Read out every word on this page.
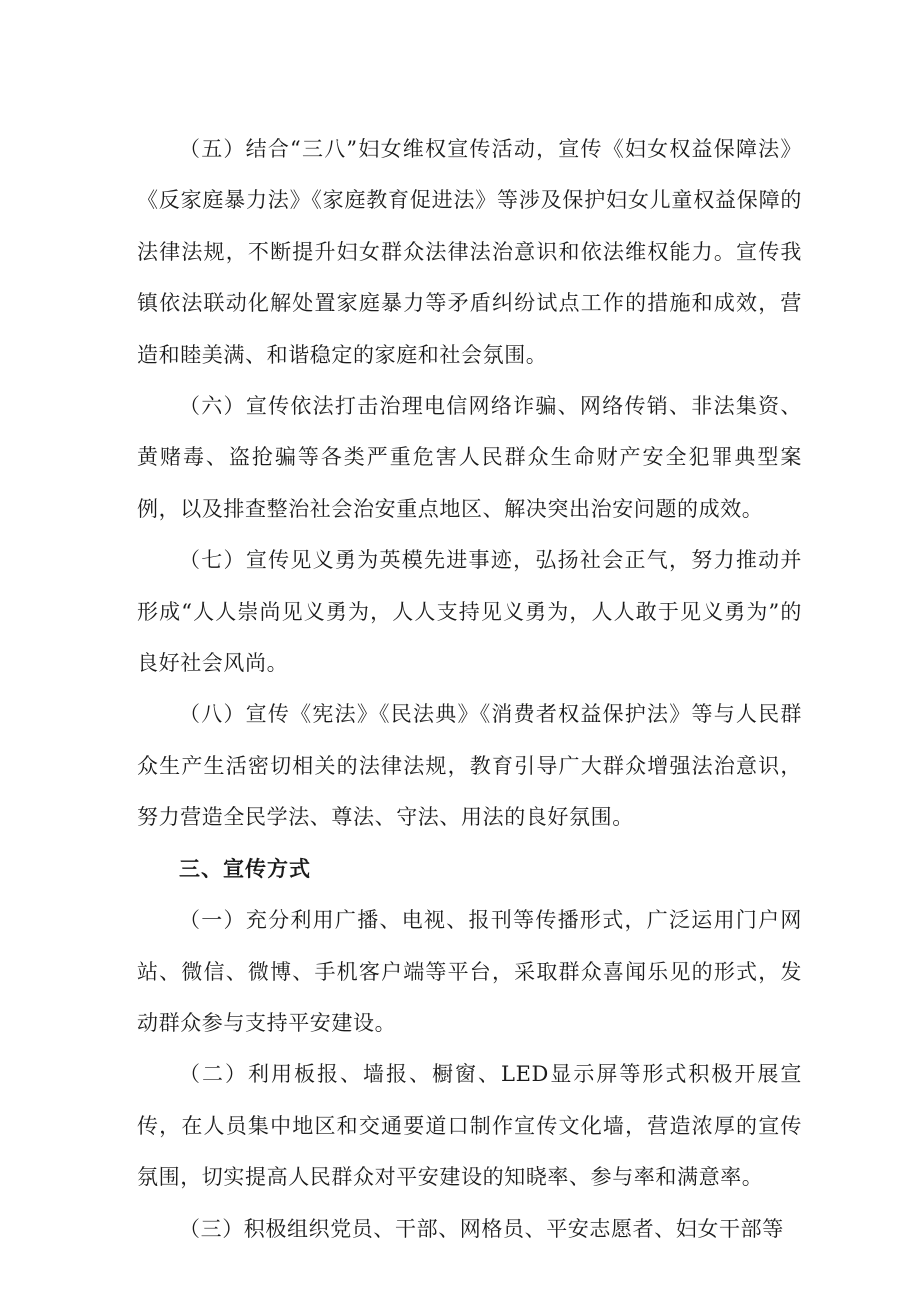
（五）结合“三八”妇女维权宣传活动，宣传《妇女权益保障法》《反家庭暴力法》《家庭教育促进法》等涉及保护妇女儿童权益保障的法律法规，不断提升妇女群众法律法治意识和依法维权能力。宣传我镇依法联动化解处置家庭暴力等矛盾纠纷试点工作的措施和成效，营造和睦美满、和谐稳定的家庭和社会氛围。

（六）宣传依法打击治理电信网络诈骗、网络传销、非法集资、黄赌毒、盗抢骗等各类严重危害人民群众生命财产安全犯罪典型案例，以及排查整治社会治安重点地区、解决突出治安问题的成效。

（七）宣传见义勇为英模先进事迹，弘扬社会正气，努力推动并形成“人人崇尚见义勇为，人人支持见义勇为，人人敢于见义勇为”的良好社会风尚。

（八）宣传《宪法》《民法典》《消费者权益保护法》等与人民群众生产生活密切相关的法律法规，教育引导广大群众增强法治意识，努力营造全民学法、尊法、守法、用法的良好氛围。

三、宣传方式

（一）充分利用广播、电视、报刊等传播形式，广泛运用门户网站、微信、微博、手机客户端等平台，采取群众喜闻乐见的形式，发动群众参与支持平安建设。

（二）利用板报、墙报、橱窗、LED显示屏等形式积极开展宣传，在人员集中地区和交通要道口制作宣传文化墙，营造浓厚的宣传氛围，切实提高人民群众对平安建设的知晓率、参与率和满意率。

（三）积极组织党员、干部、网格员、平安志愿者、妇女干部等
